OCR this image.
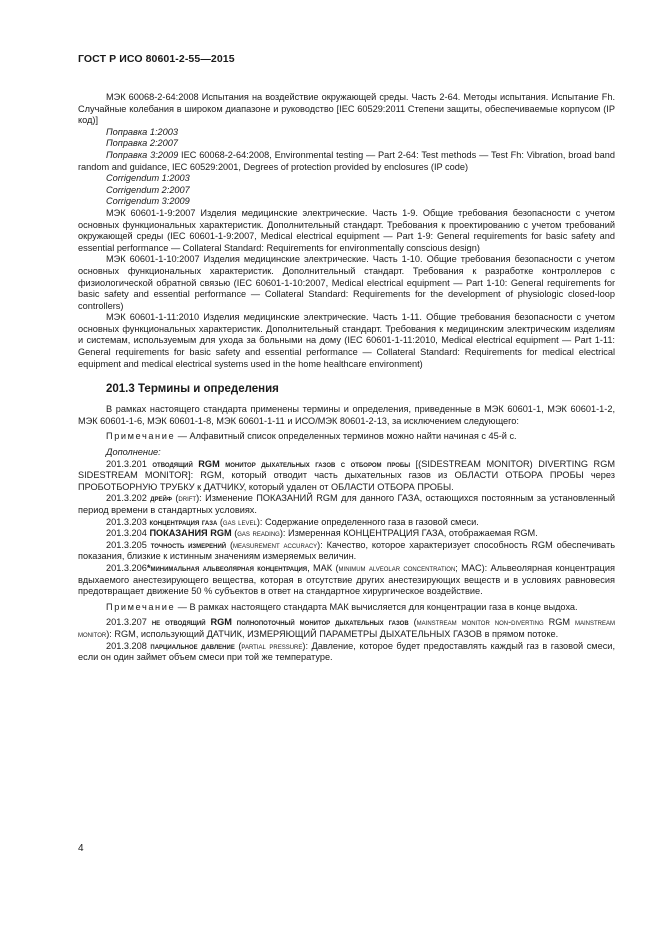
ГОСТ Р ИСО 80601-2-55—2015

МЭК 60068-2-64:2008 Испытания на воздействие окружающей среды. Часть 2-64. Методы испытания. Испытание Fh. Случайные колебания в широком диапазоне и руководство [IEC 60529:2011 Степени защиты, обеспечиваемые корпусом (IP код)]

Поправка 1:2003

Поправка 2:2007

Поправка 3:2009 IEC 60068-2-64:2008, Environmental testing — Part 2-64: Test methods — Test Fh: Vibration, broad band random and guidance, IEC 60529:2001, Degrees of protection provided by enclosures (IP code)

Corrigendum 1:2003

Corrigendum 2:2007

Corrigendum 3:2009

МЭК 60601-1-9:2007 Изделия медицинские электрические. Часть 1-9. Общие требования безопасности с учетом основных функциональных характеристик. Дополнительный стандарт. Требования к проектированию с учетом требований окружающей среды (IEC 60601-1-9:2007, Medical electrical equipment — Part 1-9: General requirements for basic safety and essential performance — Collateral Standard: Requirements for environmentally conscious design)

МЭК 60601-1-10:2007 Изделия медицинские электрические. Часть 1-10. Общие требования безопасности с учетом основных функциональных характеристик. Дополнительный стандарт. Требования к разработке контроллеров с физиологической обратной связью (IEC 60601-1-10:2007, Medical electrical equipment — Part 1-10: General requirements for basic safety and essential performance — Collateral Standard: Requirements for the development of physiologic closed-loop controllers)

МЭК 60601-1-11:2010 Изделия медицинские электрические. Часть 1-11. Общие требования безопасности с учетом основных функциональных характеристик. Дополнительный стандарт. Требования к медицинским электрическим изделиям и системам, используемым для ухода за больными на дому (IEC 60601-1-11:2010, Medical electrical equipment — Part 1-11: General requirements for basic safety and essential performance — Collateral Standard: Requirements for medical electrical equipment and medical electrical systems used in the home healthcare environment)

201.3 Термины и определения

В рамках настоящего стандарта применены термины и определения, приведенные в МЭК 60601-1, МЭК 60601-1-2, МЭК 60601-1-6, МЭК 60601-1-8, МЭК 60601-1-11 и ИСО/МЭК 80601-2-13, за исключением следующего:

Примечание — Алфавитный список определенных терминов можно найти начиная с 45-й с.

Дополнение:

201.3.201 отводящий RGM монитор дыхательных газов с отбором пробы [(SIDESTREAM MONITOR) DIVERTING RGM SIDESTREAM MONITOR]: RGM, который отводит часть дыхательных газов из ОБЛАСТИ ОТБОРА ПРОБЫ через ПРОБОТБОРНУЮ ТРУБКУ к ДАТЧИКУ, который удален от ОБЛАСТИ ОТБОРА ПРОБЫ.

201.3.202 дрейф (drift): Изменение ПОКАЗАНИЙ RGM для данного ГАЗА, остающихся постоянным за установленный период времени в стандартных условиях.

201.3.203 концентрация газа (gas level): Содержание определенного газа в газовой смеси.

201.3.204 ПОКАЗАНИЯ RGM (gas reading): Измеренная КОНЦЕНТРАЦИЯ ГАЗА, отображаемая RGM.

201.3.205 точность измерений (measurement accuracy): Качество, которое характеризует способность RGM обеспечивать показания, близкие к истинным значениям измеряемых величин.

201.3.206*минимальная альвеолярная концентрация, МАК (minimum alveolar concentration; MAC): Альвеолярная концентрация вдыхаемого анестезирующего вещества, которая в отсутствие других анестезирующих веществ и в условиях равновесия предотвращает движение 50 % субъектов в ответ на стандартное хирургическое воздействие.

Примечание — В рамках настоящего стандарта МАК вычисляется для концентрации газа в конце выдоха.

201.3.207 не отводящий RGM полнопоточный монитор дыхательных газов (mainstream monitor non-diverting RGM mainstream monitor): RGM, использующий ДАТЧИК, ИЗМЕРЯЮЩИЙ ПАРАМЕТРЫ ДЫХАТЕЛЬНЫХ ГАЗОВ в прямом потоке.

201.3.208 парциальное давление (partial pressure): Давление, которое будет предоставлять каждый газ в газовой смеси, если он один займет объем смеси при той же температуре.

4
